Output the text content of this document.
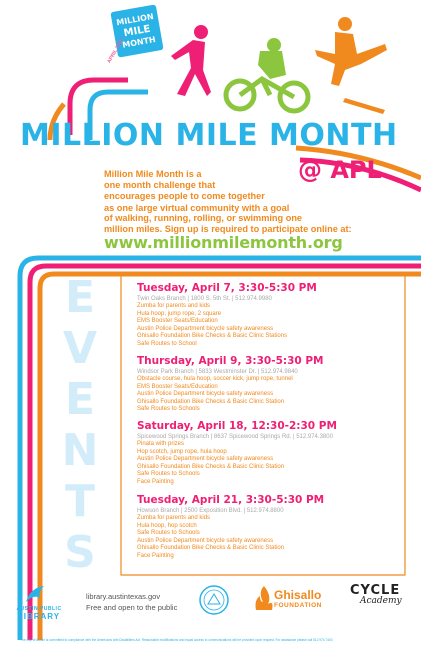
MILLION
MILE
MONTH
APRIL 2015
MILLION MILE MONTH
@ APL
Million Mile Month is a
one month challenge that
encourages people to come together
as one large virtual community with a goal
of walking, running, rolling, or swimming one
million miles. Sign up is required to participate online at:
www.millionmilemonth.org
E
V
E
N
T
S
Tuesday, April 7, 3:30-5:30 PM
Twin Oaks Branch | 1800 S. 5th St. | 512.974.9980
Zumba for parents and kids
Hula hoop, jump rope, 2 square
EMS Booster Seats/Education
Austin Police Department bicycle safety awareness
Ghisallo Foundation Bike Checks & Basic Clinic Stations
Safe Routes to School
Thursday, April 9, 3:30-5:30 PM
Windsor Park Branch | 5833 Westminster Dr. | 512.974.9840
Obstacle course, hula hoop, soccer kick, jump rope, tunnel
EMS Booster Seats/Education
Austin Police Department bicycle safety awareness
Ghisallo Foundation Bike Checks & Basic Clinic Station
Safe Routes to Schools
Saturday, April 18, 12:30-2:30 PM
Spicewood Springs Branch | 8637 Spicewood Springs Rd. | 512.974.3800
Pinata with prizes
Hop scotch, jump rope, hula hoop
Austin Police Department bicycle safety awareness
Ghisallo Foundation Bike Checks & Basic Clinic Station
Safe Routes to Schools
Face Painting
Tuesday, April 21, 3:30-5:30 PM
Howson Branch | 2500 Exposition Blvd. | 512.974.8800
Zumba for parents and kids
Hula hoop, hop scotch
Safe Routes to Schools
Austin Police Department bicycle safety awareness
Ghisallo Foundation Bike Checks & Basic Clinic Station
Face Painting
AUSTIN PUBLIC
LIBRARY
library.austintexas.gov
Free and open to the public
Ghisallo
FOUNDATION
CYCLE
Academy
The City of Austin is committed to compliance with the Americans with Disabilities Act. Reasonable modifications and equal access to communications will be provided upon request. For assistance please call 512.974.7400
